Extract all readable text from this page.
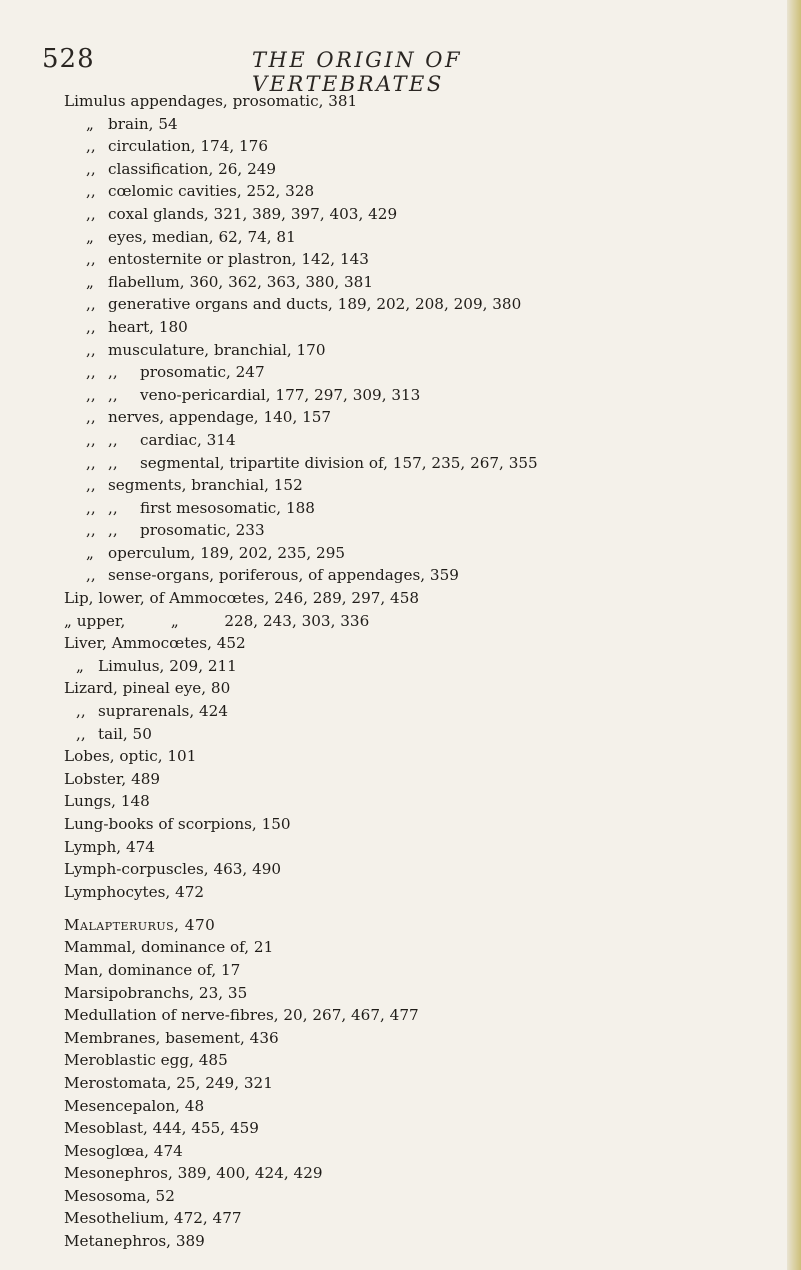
528	THE ORIGIN OF VERTEBRATES
Limulus appendages, prosomatic, 381
„ brain, 54
,, circulation, 174, 176
,, classification, 26, 249
,, cœlomic cavities, 252, 328
,, coxal glands, 321, 389, 397, 403, 429
„ eyes, median, 62, 74, 81
,, entosternite or plastron, 142, 143
„ flabellum, 360, 362, 363, 380, 381
,, generative organs and ducts, 189, 202, 208, 209, 380
,, heart, 180
,, musculature, branchial, 170
,, ,, prosomatic, 247
,, ,, veno-pericardial, 177, 297, 309, 313
,, nerves, appendage, 140, 157
,, ,, cardiac, 314
,, ,, segmental, tripartite division of, 157, 235, 267, 355
,, segments, branchial, 152
,, ,, first mesosomatic, 188
,, ,, prosomatic, 233
„ operculum, 189, 202, 235, 295
,, sense-organs, poriferous, of appendages, 359
Lip, lower, of Ammocœtes, 246, 289, 297, 458
„ upper,   „   228, 243, 303, 336
Liver, Ammocœtes, 452
„ Limulus, 209, 211
Lizard, pineal eye, 80
,, suprarenals, 424
,, tail, 50
Lobes, optic, 101
Lobster, 489
Lungs, 148
Lung-books of scorpions, 150
Lymph, 474
Lymph-corpuscles, 463, 490
Lymphocytes, 472
Malapterurus, 470
Mammal, dominance of, 21
Man, dominance of, 17
Marsipobranchs, 23, 35
Medullation of nerve-fibres, 20, 267, 467, 477
Membranes, basement, 436
Meroblastic egg, 485
Merostomata, 25, 249, 321
Mesencepalon, 48
Mesoblast, 444, 455, 459
Mesoglœa, 474
Mesonephros, 389, 400, 424, 429
Mesosoma, 52
Mesothelium, 472, 477
Metanephros, 389
